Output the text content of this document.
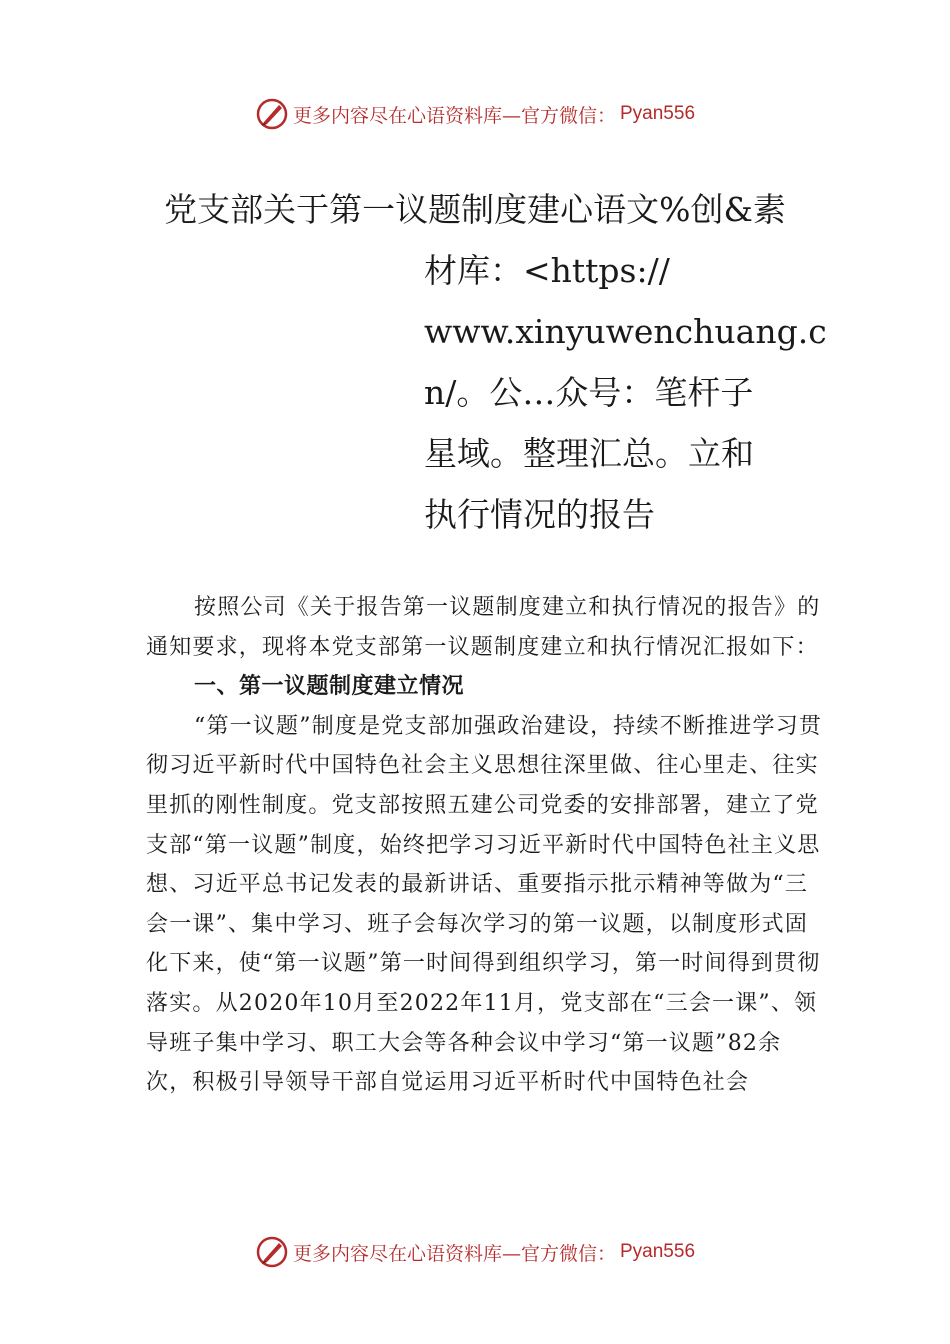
更多内容尽在心语资料库—官方微信： Pyan556
党支部关于第一议题制度建心语文%创&素
材库：<https://
www.xinyuwenchuang.c
n/。公…众号：笔杆子
星域。整理汇总。立和
执行情况的报告

按照公司《关于报告第一议题制度建立和执行情况的报告》的通知要求，现将本党支部第一议题制度建立和执行情况汇报如下：

一、第一议题制度建立情况

“第一议题”制度是党支部加强政治建设，持续不断推进学习贯彻习近平新时代中国特色社会主义思想往深里做、往心里走、往实里抓的刚性制度。党支部按照五建公司党委的安排部署，建立了党支部“第一议题”制度，始终把学习习近平新时代中国特色社主义思想、习近平总书记发表的最新讲话、重要指示批示精神等做为“三会一课”、集中学习、班子会每次学习的第一议题，以制度形式固化下来，使“第一议题”第一时间得到组织学习，第一时间得到贯彻落实。从2020年10月至2022年11月，党支部在“三会一课”、领导班子集中学习、职工大会等各种会议中学习“第一议题”82余次，积极引导领导干部自觉运用习近平析时代中国特色社会

更多内容尽在心语资料库—官方微信： Pyan556
